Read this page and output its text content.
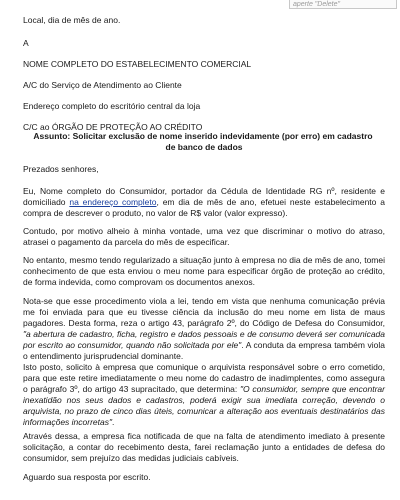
aperte "Delete"
Local, dia de mês de ano.
A
NOME COMPLETO DO ESTABELECIMENTO COMERCIAL
A/C do Serviço de Atendimento ao Cliente
Endereço completo do escritório central da loja
C/C ao ÓRGÃO DE PROTEÇÃO AO CRÉDITO
Assunto: Solicitar exclusão de nome inserido indevidamente (por erro) em cadastro
de banco de dados
Prezados senhores,
Eu, Nome completo do Consumidor, portador da Cédula de Identidade RG nº, residente e domiciliado na endereço completo, em dia de mês de ano, efetuei neste estabelecimento a compra de descrever o produto, no valor de R$ valor (valor expresso).
Contudo, por motivo alheio à minha vontade, uma vez que discriminar o motivo do atraso, atrasei o pagamento da parcela do mês de especificar.
No entanto, mesmo tendo regularizado a situação junto à empresa no dia de mês de ano, tomei conhecimento de que esta enviou o meu nome para especificar órgão de proteção ao crédito, de forma indevida, como comprovam os documentos anexos.
Nota-se que esse procedimento viola a lei, tendo em vista que nenhuma comunicação prévia me foi enviada para que eu tivesse ciência da inclusão do meu nome em lista de maus pagadores. Desta forma, reza o artigo 43, parágrafo 2º, do Código de Defesa do Consumidor, "a abertura de cadastro, ficha, registro e dados pessoais e de consumo deverá ser comunicada por escrito ao consumidor, quando não solicitada por ele". A conduta da empresa também viola o entendimento jurisprudencial dominante.
Isto posto, solicito à empresa que comunique o arquivista responsável sobre o erro cometido, para que este retire imediatamente o meu nome do cadastro de inadimplentes, como assegura o parágrafo 3º, do artigo 43 supracitado, que determina: "O consumidor, sempre que encontrar inexatidão nos seus dados e cadastros, poderá exigir sua imediata correção, devendo o arquivista, no prazo de cinco dias úteis, comunicar a alteração aos eventuais destinatários das informações incorretas".
Através dessa, a empresa fica notificada de que na falta de atendimento imediato à presente solicitação, a contar do recebimento desta, farei reclamação junto a entidades de defesa do consumidor, sem prejuízo das medidas judiciais cabíveis.
Aguardo sua resposta por escrito.
